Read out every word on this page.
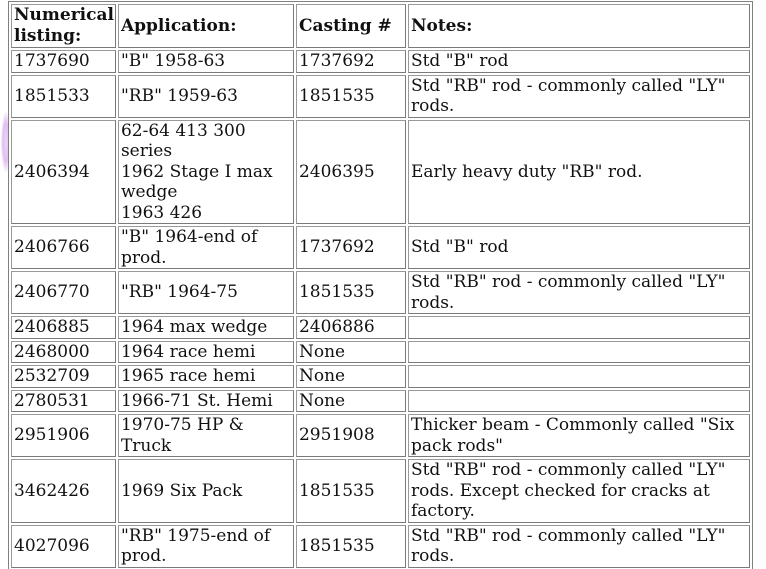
Numerical listing:	Application:	Casting #	Notes:
1737690	"B" 1958-63	1737692	Std "B" rod
1851533	"RB" 1959-63	1851535	Std "RB" rod - commonly called "LY" rods.
2406394	62-64 413 300 series
1962 Stage I max wedge
1963 426	2406395	Early heavy duty "RB" rod.
2406766	"B" 1964-end of prod.	1737692	Std "B" rod
2406770	"RB" 1964-75	1851535	Std "RB" rod - commonly called "LY" rods.
2406885	1964 max wedge	2406886	
2468000	1964 race hemi	None	
2532709	1965 race hemi	None	
2780531	1966-71 St. Hemi	None	
2951906	1970-75 HP & Truck	2951908	Thicker beam - Commonly called "Six pack rods"
3462426	1969 Six Pack	1851535	Std "RB" rod - commonly called "LY" rods. Except checked for cracks at factory.
4027096	"RB" 1975-end of prod.	1851535	Std "RB" rod - commonly called "LY" rods.
